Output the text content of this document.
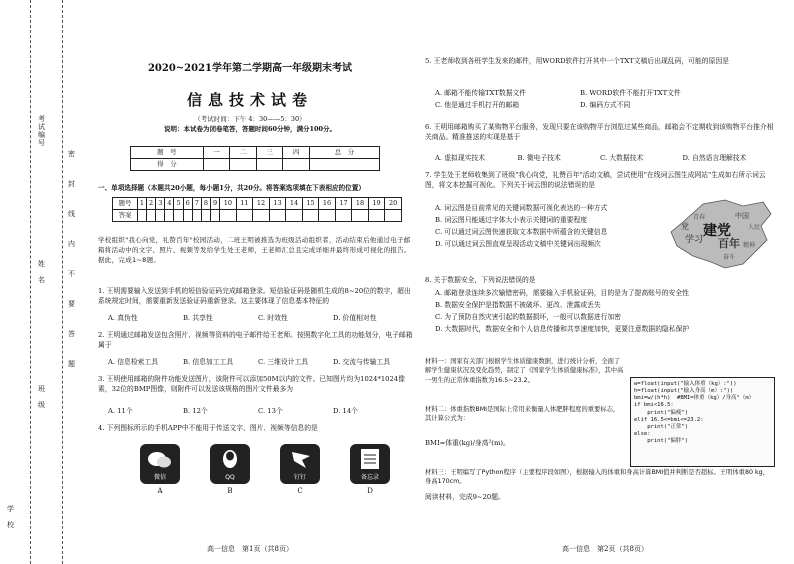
考试编号
姓　名
班　级
学　校
密　封　线　内　不　要　答　题
2020~2021学年第二学期高一年级期末考试
信息技术试卷
（考试时间：下午 4：30——5：30）
说明：本试卷为闭卷笔答，答题时间60分钟，满分100分。
题　号	一	二	三	四	总　分
得　分					
一、单项选择题（本题共20小题，每小题1分，共20分。将答案选项填在下表相应的位置）
题号	1	2	3	4	5	6	7	8	9	10	11	12	13	14	15	16	17	18	19	20
答案																				
学校组织"我心向党，礼赞百年"校园活动，二班王明被推选为班级活动组织者，活动结束后他通过电子邮箱将活动中的文字、照片、视频等发给学生处王老师，王老师汇总且完成详细并最终形成可视化的报告。据此，完成1~8题。
1. 王明需要输入发送到手机的短信验证码完成邮箱登录。短信验证码是随机生成的8~20位的数字，超出系统规定时间，需要重新发送验证码重新登录。这主要体现了信息基本特征的
A. 真伪性	B. 共享性	C. 时效性	D. 价值相对性
2. 王明通过邮箱发送包含照片、视频等资料的电子邮件给王老师。按照数字化工具的功能划分，电子邮箱属于
A. 信息检索工具	B. 信息加工工具	C. 三维设计工具	D. 交流与传输工具
3. 王明使用邮箱的附件功能发送图片，该附件可以添加50M以内的文件。已知图片均为1024*1024像素，32位的BMP图像，则附件可以发送该规格的图片文件最多为
A. 11个	B. 12个	C. 13个	D. 14个
4. 下列图标所示的手机APP中不能用于传送文字、图片、视频等信息的是
微信
A
QQ
B
钉钉
C
备忘录
D
高一信息　第1页（共8页）
5. 王老师收到各班学生发来的邮件，用WORD软件打开其中一个TXT文稿后出现乱码，可能的原因是
A. 邮箱不能传输TXT数据文件	B. WORD软件不能打开TXT文件
C. 他是通过手机打开的邮箱	D. 编码方式不同
6. 王明用邮箱购买了某购物平台服务，发现只要在该购物平台浏览过某些商品，邮箱会不定期收到该购物平台推介相关商品。精准推送的实现是基于
A. 虚拟现实技术	B. 微电子技术	C. 大数据技术	D. 自然语言理解技术
7. 学生处王老师收集到了班级"我心向党，礼赞百年"活动文稿，尝试使用"在线词云图生成网站"生成如右所示词云图，将文本挖掘可视化。下列关于词云图的说法错误的是
A. 词云图是目前常见的关键词数据可视化表达的一种方式
B. 词云图只能通过字体大小表示关键词的重要程度
C. 可以通过词云图快速获取文本数据中所蕴含的关键信息
D. 可以通过词云图直观呈现活动文稿中关键词出现频次
建党
百年
学习
中国
青春
精神
奋斗
党	人民
8. 关于数据安全，下列说法错误的是
A. 邮箱登录连续多次输错密码，需要输入手机验证码，目的是为了提高账号的安全性
B. 数据安全保护是指数据不被破坏、更改、泄露或丢失
C. 为了预防自然灾害引起的数据损坏，一般可以数据进行加密
D. 大数据时代，数据安全和个人信息传播和共享速度加快，更要注意数据的隐私保护
材料一：国家有关部门根据学生体质健康数据，进行统计分析，全面了解学生健康状况及变化趋势，制定了《国家学生体质健康标准》，其中高一男生的正常体重指数为16.5~23.2。
材料二：体重指数BMI是国际上常用来衡量人体肥胖程度的重要标志，其计算公式为：
BMI=体重(kg)/身高²(m)。
w=float(input("输入体重（kg）:"))
h=float(input("输入身高（m）:"))
bmi=w/(h*h)  #BMI=体重（kg）/身高²（m）
if bmi<16.5:
print("偏瘦")
elif 16.5<=bmi<=23.2:
print("正常")
else:
print("偏胖")
材料三：王明编写了Python程序（主要程序段如图），根据输入的体重和身高计算BMI值并判断是否超标。王明体重80 kg，身高170cm。
阅读材料，完成9~20题。
高一信息　第2页（共8页）
